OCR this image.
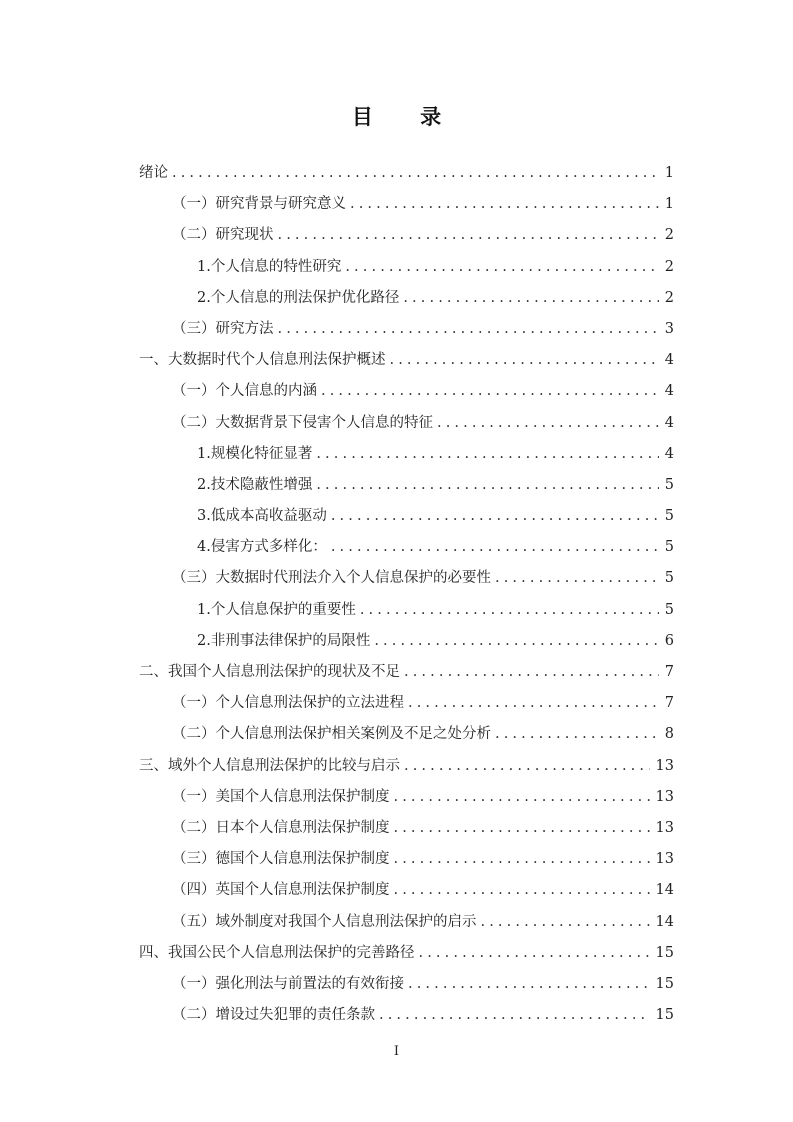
目 录
绪论 . . .	1
（一）研究背景与研究意义 . . .	1
（二）研究现状 . . .	2
1.个人信息的特性研究 . . .	2
2.个人信息的刑法保护优化路径 . . .	2
（三）研究方法 . . .	3
一、大数据时代个人信息刑法保护概述 . . .	4
（一）个人信息的内涵 . . .	4
（二）大数据背景下侵害个人信息的特征 . . .	4
1.规模化特征显著 . . .	4
2.技术隐蔽性增强 . . .	5
3.低成本高收益驱动 . . .	5
4.侵害方式多样化： . . .	5
（三）大数据时代刑法介入个人信息保护的必要性 . . .	5
1.个人信息保护的重要性 . . .	5
2.非刑事法律保护的局限性 . . .	6
二、我国个人信息刑法保护的现状及不足 . . .	7
（一）个人信息刑法保护的立法进程 . . .	7
（二）个人信息刑法保护相关案例及不足之处分析 . . .	8
三、域外个人信息刑法保护的比较与启示 . . .	13
（一）美国个人信息刑法保护制度 . . .	13
（二）日本个人信息刑法保护制度 . . .	13
（三）德国个人信息刑法保护制度 . . .	13
（四）英国个人信息刑法保护制度 . . .	14
（五）域外制度对我国个人信息刑法保护的启示 . . .	14
四、我国公民个人信息刑法保护的完善路径 . . .	15
（一）强化刑法与前置法的有效衔接 . . .	15
（二）增设过失犯罪的责任条款 . . .	15
I
